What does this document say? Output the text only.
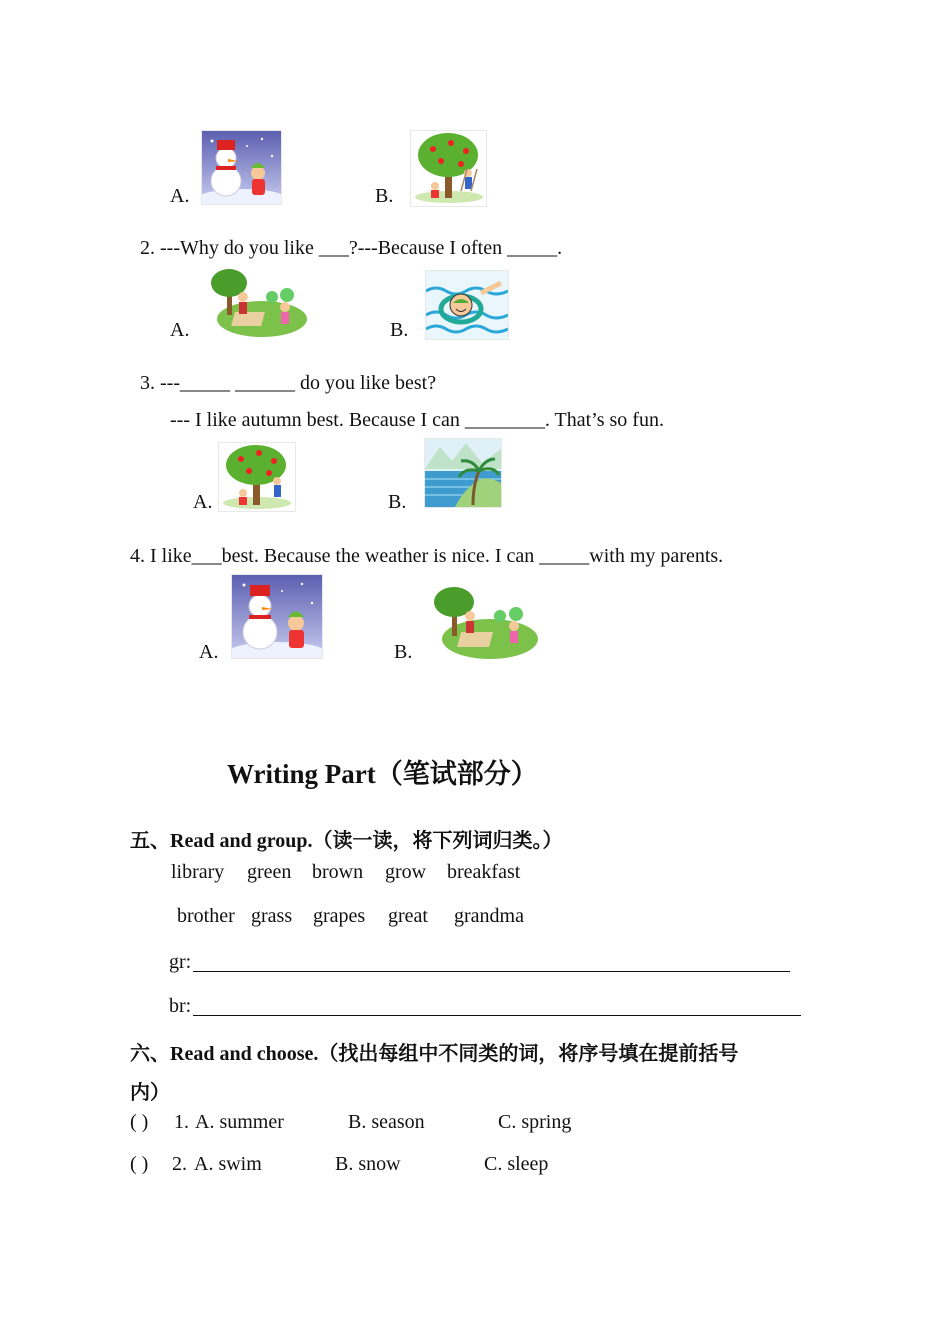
A.	B.
2. ---Why do you like ___?---Because I often _____.
A.	B.
3. ---_____ ______ do you like best?
--- I like autumn best. Because I can ________. That’s so fun.
A.	B.
4. I like___best. Because the weather is nice. I can _____with my parents.
A.	B.
Writing Part（笔试部分）
五、Read and group.（读一读，将下列词归类。）
library green brown grow breakfast
brother grass grapes great grandma
gr:
br:
六、Read and choose.（找出每组中不同类的词，将序号填在提前括号
内）
( ) 1. A. summer	B. season	C. spring
( ) 2. A. swim	B. snow	C. sleep
